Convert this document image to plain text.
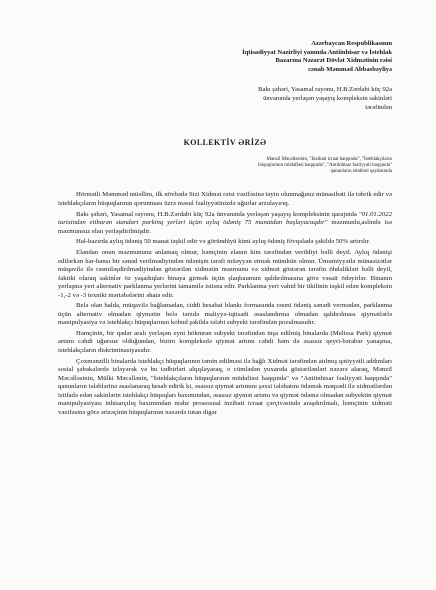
Azərbaycan Respublikasının
İqtisadiyyat Nazirliyi yanında Antiinhisar və İstehlak
Bazarına Nəzarət Dövlət Xidmətinin rəisi
cənab Məmməd Abbasbəyliyə
Bakı şəhəri, Yasamal rayonu, H.B.Zərdabi küç 92a
ünvanında yerləşən yaşayış kompleksin sakinləri
tərəfindən
KOLLEKTİV ƏRİZƏ
Mənzil Məcəlləsinin, "İnzibati icraat haqqında", "İstehlakçıların
hüquqlarının müdafiəsi haqqında", "Antiinhisar fəaliyyəti haqqında"
qanunların tələbləri qaydasında

Hörmətli Məmməd müəllim, ilk növbədə Sizi Xidmət rəisi vəzifəsinə təyin olunmağınız münasibəti ilə təbrik edir və istehlakçıların hüquqlarının qorunması üzrə məsul fəaliyyətinizdə uğurlar arzulayırıq.

Bakı şəhəri, Yasamal rayonu, H.B.Zərdabi küç 92a ünvanında yerləşən yaşayış kompleksinin qarajında "01.01.2022 tarixindən etibarən standart parkinq yerləri üçün aylıq ödəniş 75 manatdan başlayacaqdır" məzmunlu,aslində isə məzmunsuz elan yerləşdirilmişdir.

Hal-hazırda aylıq ödəniş 50 manat təşkil edir və göründüyü kimi aylıq ödəniş fövqəladə şəkildə 50% artırılır.

Elandan onun məzmununu anlamaq olmur, həmçinin elanın kim tərəfindən verildiyi bəlli deyil. Aylıq ödənişi edilərkən hər-hansı bir sənəd verilmədiyindən ödənişin tərəfi müəyyən etmək mümkün olmur. Ümumiyyətlə münasizətlər müqavilə ilə rəsmiləşdirilmədiyindən göstərilən xidmətin məzmunu və xidmət göstərən tərəfin öhdəlikləri bəlli deyil, faktiki olaraq sakinlər öz yaşadıqları binaya girmək üçün şlaqbaumun qaldırılmasına görə vəsait ödəyirlər. Binanın yerləşmə yeri alternativ parklanma yerlərini tamamilə istisna edir. Parklanma yeri vahid bir tikilinin təşkil edən kompleksin -1,-2 və -3 texniki mərtəbələrini əhatə edir.

Belə olan halda, müqavilə bağlamadan, ciddi hesabat blankı formasında rəsmi ödəniş sənədi vermədən, parklanma üçün alternativ olmadan qiymətin belə tərzdə maliyyə-iqtisadi əsaslandırma olmadan qaldırılması qiymətlərlə manipulyasiya və istehlakçı hüquqlarının kobud şəkildə tələbi subyekt tərəfindən pozulmasıdır.

Həmçinin, bir qədər aralı yerləşən eyni hökmran subyekt tərəfindən inşa edilmiş binalarda (Melissa Park) qiymət artımı cəhdi uğursuz olduğundan, bizim kompleksdə qiymət artımı cəhdi həm də əsassız qeyri-bərabər yanaşma, istehlakçıların diskriminasiyasıdır.

Çoxmənzilli binalarda istehlakçı hüquqlarının təmin edilməsi ilə bağlı Xidmət tərəfindən atılmış qətiyyətli addımları sosial şəbəkələrdə izləyərək və bu tədbirləri alqışlayaraq, o cümlədən yuxarıda göstərilənləri nəzərə alaraq, Mənzil Məcəlləsinin, Mülki Məcəllənin, "İstehlakçıların hüquqlarının müdafiəsi haqqında" və "Antiinhisar fəaliyyəti haqqında" qanunların tələblərinə əsaslanaraq hesab edirik ki, əsassız qiymət artımını şəxsi tələbatını ödəmək məqsədi ilə xidmətlərdən istifadə edən sakinlərin istehlakçı hüquqları baxımından, əsassız qiymət artımı və qiymət ödəmə olmadan subyektin qiymət manipulyasiyası inhisarçılıq baxımından məhz prosessual inzibati icraat çərçivəsində araşdırılmalı, həmçinin xidməti vəzifəsinə görə ərizəçinin hüquqlarının nəzərdə tutan digər
